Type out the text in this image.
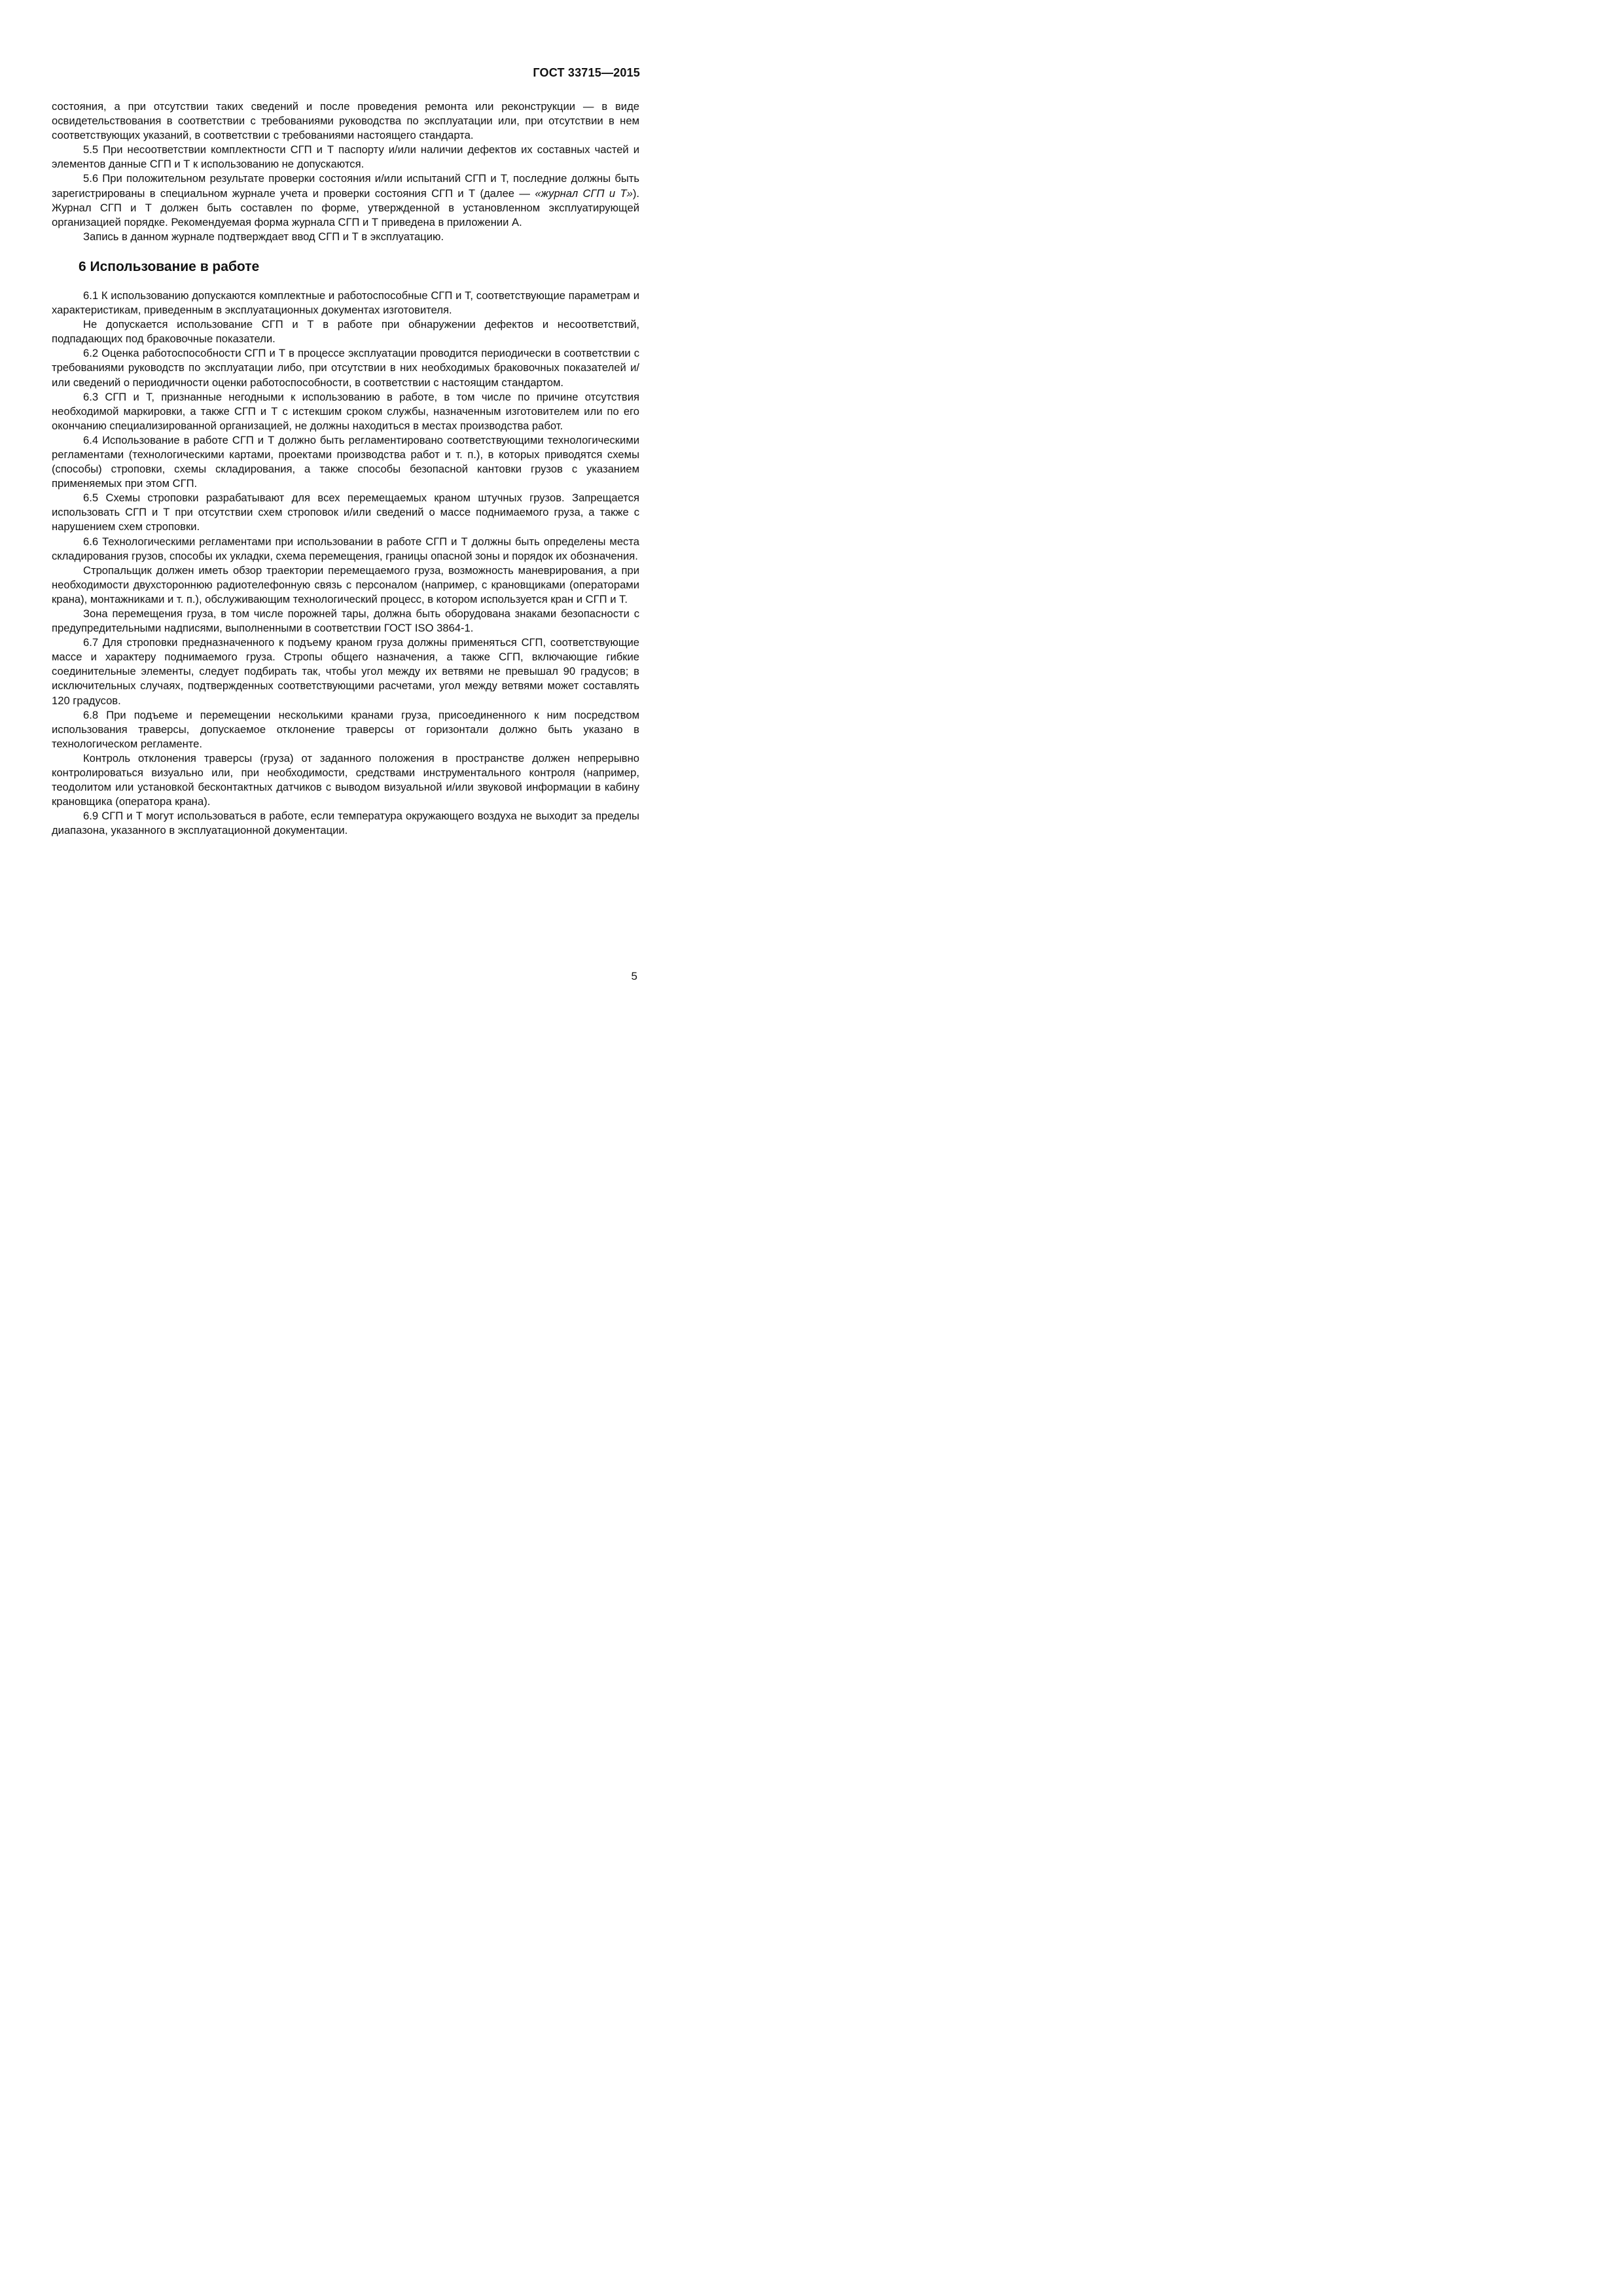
ГОСТ 33715—2015

состояния, а при отсутствии таких сведений и после проведения ремонта или реконструкции — в виде освидетельствования в соответствии с требованиями руководства по эксплуатации или, при отсутствии в нем соответствующих указаний, в соответствии с требованиями настоящего стандарта.

5.5 При несоответствии комплектности СГП и Т паспорту и/или наличии дефектов их составных частей и элементов данные СГП и Т к использованию не допускаются.

5.6 При положительном результате проверки состояния и/или испытаний СГП и Т, последние должны быть зарегистрированы в специальном журнале учета и проверки состояния СГП и Т (далее — «журнал СГП и Т»). Журнал СГП и Т должен быть составлен по форме, утвержденной в установленном эксплуатирующей организацией порядке. Рекомендуемая форма журнала СГП и Т приведена в приложении А.

Запись в данном журнале подтверждает ввод СГП и Т в эксплуатацию.

6 Использование в работе

6.1 К использованию допускаются комплектные и работоспособные СГП и Т, соответствующие параметрам и характеристикам, приведенным в эксплуатационных документах изготовителя.

Не допускается использование СГП и Т в работе при обнаружении дефектов и несоответствий, подпадающих под браковочные показатели.

6.2 Оценка работоспособности СГП и Т в процессе эксплуатации проводится периодически в соответствии с требованиями руководств по эксплуатации либо, при отсутствии в них необходимых браковочных показателей и/или сведений о периодичности оценки работоспособности, в соответствии с настоящим стандартом.

6.3 СГП и Т, признанные негодными к использованию в работе, в том числе по причине отсутствия необходимой маркировки, а также СГП и Т с истекшим сроком службы, назначенным изготовителем или по его окончанию специализированной организацией, не должны находиться в местах производства работ.

6.4 Использование в работе СГП и Т должно быть регламентировано соответствующими технологическими регламентами (технологическими картами, проектами производства работ и т. п.), в которых приводятся схемы (способы) строповки, схемы складирования, а также способы безопасной кантовки грузов с указанием применяемых при этом СГП.

6.5 Схемы строповки разрабатывают для всех перемещаемых краном штучных грузов. Запрещается использовать СГП и Т при отсутствии схем строповок и/или сведений о массе поднимаемого груза, а также с нарушением схем строповки.

6.6 Технологическими регламентами при использовании в работе СГП и Т должны быть определены места складирования грузов, способы их укладки, схема перемещения, границы опасной зоны и порядок их обозначения.

Стропальщик должен иметь обзор траектории перемещаемого груза, возможность маневрирования, а при необходимости двухстороннюю радиотелефонную связь с персоналом (например, с крановщиками (операторами крана), монтажниками и т. п.), обслуживающим технологический процесс, в котором используется кран и СГП и Т.

Зона перемещения груза, в том числе порожней тары, должна быть оборудована знаками безопасности с предупредительными надписями, выполненными в соответствии ГОСТ ISO 3864-1.

6.7 Для строповки предназначенного к подъему краном груза должны применяться СГП, соответствующие массе и характеру поднимаемого груза. Стропы общего назначения, а также СГП, включающие гибкие соединительные элементы, следует подбирать так, чтобы угол между их ветвями не превышал 90 градусов; в исключительных случаях, подтвержденных соответствующими расчетами, угол между ветвями может составлять 120 градусов.

6.8 При подъеме и перемещении несколькими кранами груза, присоединенного к ним посредством использования траверсы, допускаемое отклонение траверсы от горизонтали должно быть указано в технологическом регламенте.

Контроль отклонения траверсы (груза) от заданного положения в пространстве должен непрерывно контролироваться визуально или, при необходимости, средствами инструментального контроля (например, теодолитом или установкой бесконтактных датчиков с выводом визуальной и/или звуковой информации в кабину крановщика (оператора крана).

6.9 СГП и Т могут использоваться в работе, если температура окружающего воздуха не выходит за пределы диапазона, указанного в эксплуатационной документации.

5
